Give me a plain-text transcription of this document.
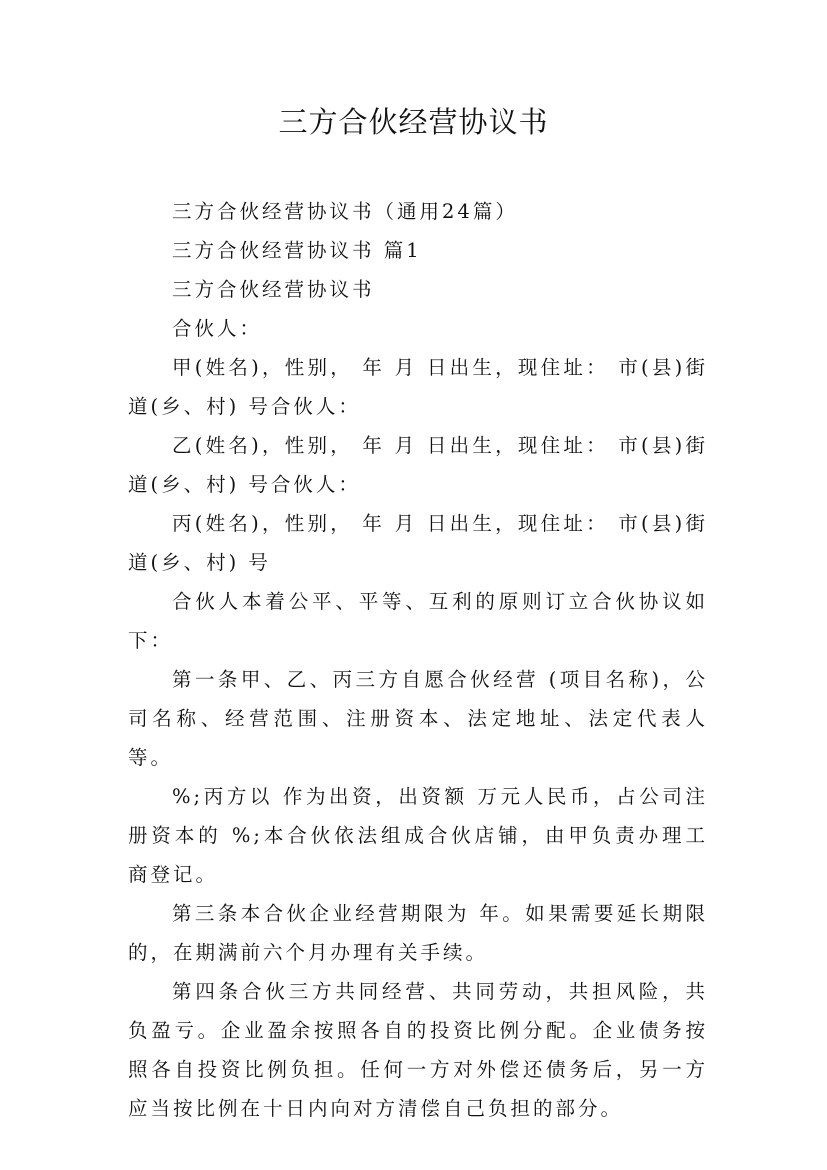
三方合伙经营协议书

三方合伙经营协议书（通用24篇）

三方合伙经营协议书 篇1

三方合伙经营协议书

合伙人：

甲(姓名)，性别， 年 月 日出生，现住址： 市(县)街道(乡、村) 号合伙人：

乙(姓名)，性别， 年 月 日出生，现住址： 市(县)街道(乡、村) 号合伙人：

丙(姓名)，性别， 年 月 日出生，现住址： 市(县)街道(乡、村) 号

合伙人本着公平、平等、互利的原则订立合伙协议如下：

第一条甲、乙、丙三方自愿合伙经营 (项目名称)，公司名称、经营范围、注册资本、法定地址、法定代表人等。

%;丙方以 作为出资，出资额 万元人民币，占公司注册资本的 %;本合伙依法组成合伙店铺，由甲负责办理工商登记。

第三条本合伙企业经营期限为 年。如果需要延长期限的，在期满前六个月办理有关手续。

第四条合伙三方共同经营、共同劳动，共担风险，共负盈亏。企业盈余按照各自的投资比例分配。企业债务按照各自投资比例负担。任何一方对外偿还债务后，另一方应当按比例在十日内向对方清偿自己负担的部分。
